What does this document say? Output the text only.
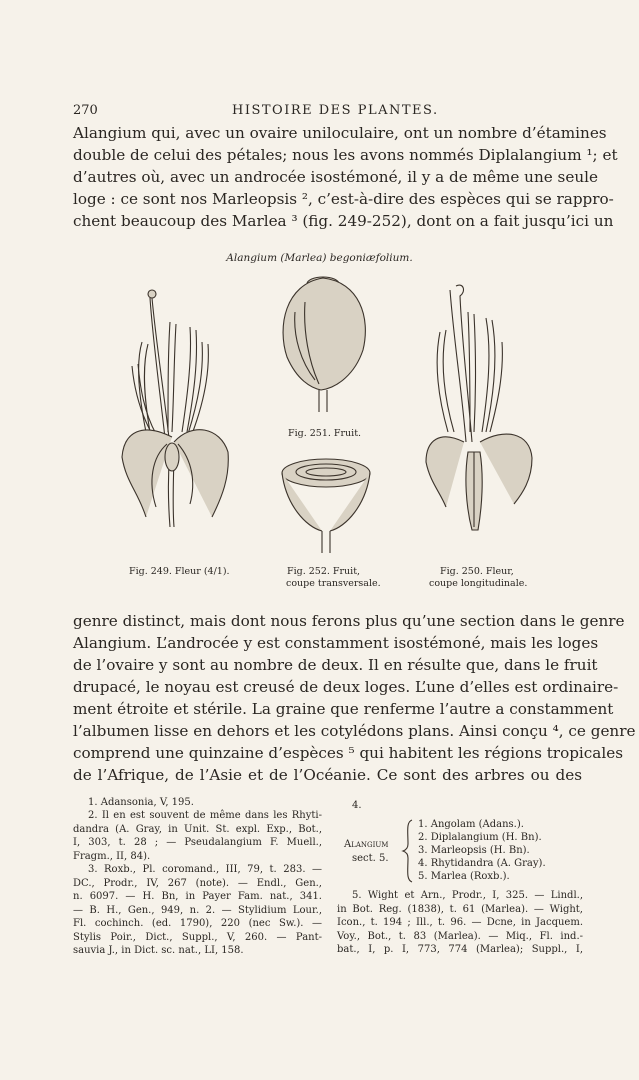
270	HISTOIRE DES PLANTES.
Alangium qui, avec un ovaire uniloculaire, ont un nombre d’étamines
double de celui des pétales; nous les avons nommés Diplalangium ¹; et
d’autres où, avec un androcée isostémoné, il y a de même une seule
loge : ce sont nos Marleopsis ², c’est-à-dire des espèces qui se rappro-
chent beaucoup des Marlea ³ (fig. 249-252), dont on a fait jusqu’ici un
Alangium (Marlea) begoniæfolium.
Fig. 251. Fruit.
Fig. 249. Fleur (4/1).	Fig. 252. Fruit,
coupe transversale.
Fig. 250. Fleur,
coupe longitudinale.
genre distinct, mais dont nous ferons plus qu’une section dans le genre
Alangium. L’androcée y est constamment isostémoné, mais les loges
de l’ovaire y sont au nombre de deux. Il en résulte que, dans le fruit
drupacé, le noyau est creusé de deux loges. L’une d’elles est ordinaire-
ment étroite et stérile. La graine que renferme l’autre a constamment
l’albumen lisse en dehors et les cotylédons plans. Ainsi conçu ⁴, ce genre
comprend une quinzaine d’espèces ⁵ qui habitent les régions tropicales
de l’Afrique, de l’Asie et de l’Océanie. Ce sont des arbres ou des
1. Adansonia, V, 195.
2. Il en est souvent de même dans les Rhyti-
dandra (A. Gray, in Unit. St. expl. Exp., Bot.,
I, 303, t. 28 ; — Pseudalangium F. Muell.,
Fragm., II, 84).
3. Roxb., Pl. coromand., III, 79, t. 283. —
DC., Prodr., IV, 267 (note). — Endl., Gen.,
n. 6097. — H. Bn, in Payer Fam. nat., 341.
— B. H., Gen., 949, n. 2. — Stylidium Lour.,
Fl. cochinch. (ed. 1790), 220 (nec Sw.). —
Stylis Poir., Dict., Suppl., V, 260. — Pant-
sauvia J., in Dict. sc. nat., LI, 158.
4.
Alangium
sect. 5.
1. Angolam (Adans.).
2. Diplalangium (H. Bn).
3. Marleopsis (H. Bn).
4. Rhytidandra (A. Gray).
5. Marlea (Roxb.).
5. Wight et Arn., Prodr., I, 325. — Lindl.,
in Bot. Reg. (1838), t. 61 (Marlea). — Wight,
Icon., t. 194 ; Ill., t. 96. — Dcne, in Jacquem.
Voy., Bot., t. 83 (Marlea). — Miq., Fl. ind.-
bat., I, p. I, 773, 774 (Marlea); Suppl., I,
